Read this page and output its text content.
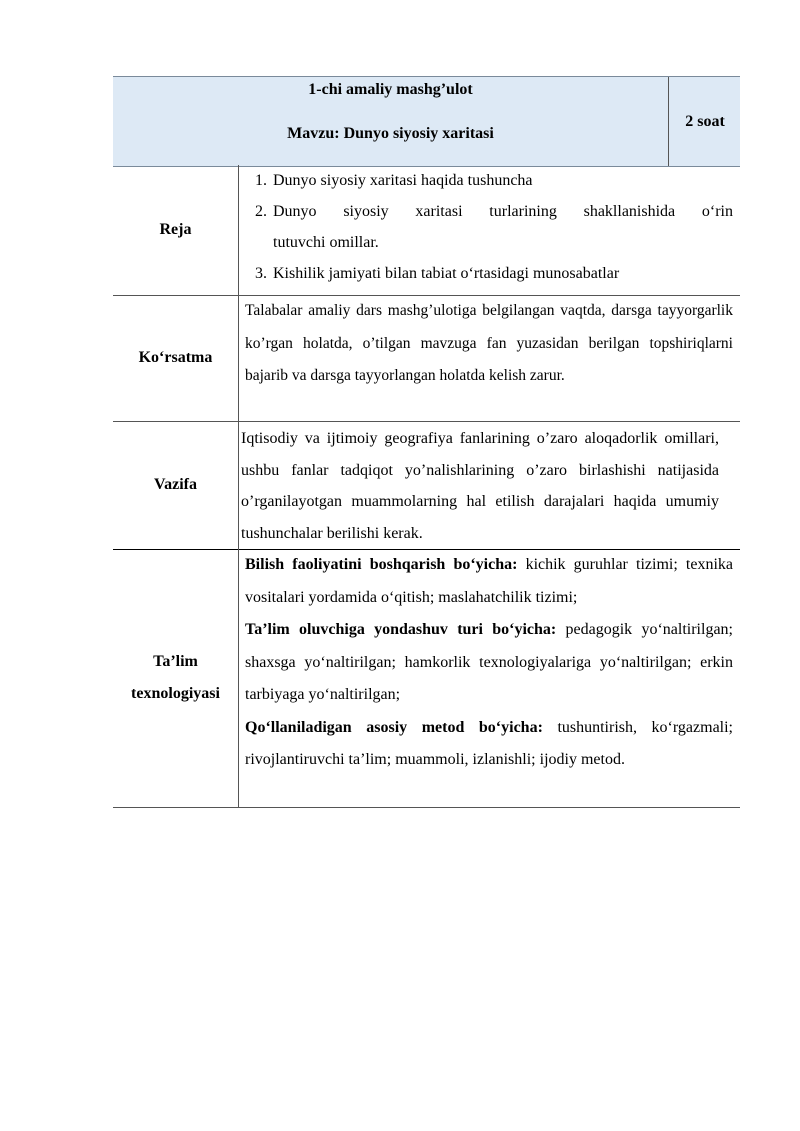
1-chi amaliy mashg’ulot
Mavzu: Dunyo siyosiy xaritasi
2 soat
Reja
1. Dunyo siyosiy xaritasi haqida tushuncha
2. Dunyo siyosiy xaritasi turlarining shakllanishida o‘rin
tutuvchi omillar.
3. Kishilik jamiyati bilan tabiat o‘rtasidagi munosabatlar
Ko‘rsatma
Talabalar amaliy dars mashg’ulotiga belgilangan vaqtda, darsga tayyorgarlik ko’rgan holatda, o’tilgan mavzuga fan yuzasidan berilgan topshiriqlarni bajarib va darsga tayyorlangan holatda kelish zarur.
Vazifa
Iqtisodiy va ijtimoiy geografiya fanlarining o’zaro aloqadorlik omillari, ushbu fanlar tadqiqot yo’nalishlarining o’zaro birlashishi natijasida o’rganilayotgan muammolarning hal etilish darajalari haqida umumiy tushunchalar berilishi kerak.
Ta’lim
texnologiyasi
Bilish faoliyatini boshqarish bo‘yicha: kichik guruhlar tizimi; texnika vositalari yordamida o‘qitish; maslahatchilik tizimi;
Ta’lim oluvchiga yondashuv turi bo‘yicha: pedagogik yo‘naltirilgan; shaxsga yo‘naltirilgan; hamkorlik texnologiyalariga yo‘naltirilgan; erkin tarbiyaga yo‘naltirilgan;
Qo‘llaniladigan asosiy metod bo‘yicha: tushuntirish, ko‘rgazmali; rivojlantiruvchi ta’lim; muammoli, izlanishli; ijodiy metod.
